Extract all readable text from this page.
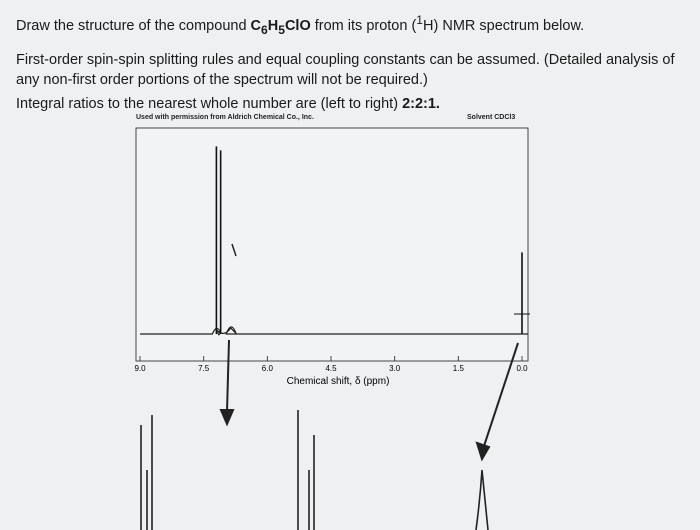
Draw the structure of the compound $C_6H_5ClO$ from its proton ($^1$H) NMR spectrum below.

First-order spin-spin splitting rules and equal coupling constants can be assumed. (Detailed analysis of any non-first order portions of the spectrum will not be required.)

Integral ratios to the nearest whole number are (left to right) 2:2:1.

Used with permission from Aldrich Chemical Co., Inc.	Solvent CDCl3
9.0	7.5	6.0	4.5	3.0	1.5	0.0
Chemical shift, δ (ppm)
